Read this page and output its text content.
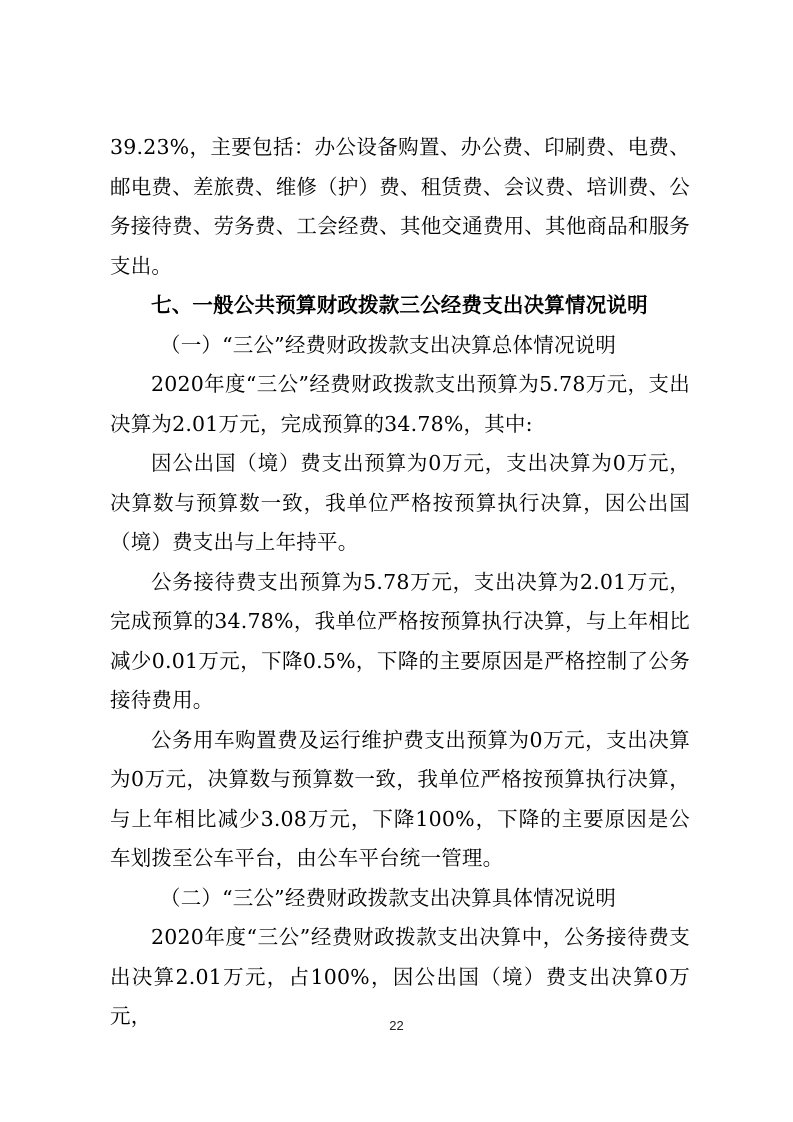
39.23%，主要包括：办公设备购置、办公费、印刷费、电费、邮电费、差旅费、维修（护）费、租赁费、会议费、培训费、公务接待费、劳务费、工会经费、其他交通费用、其他商品和服务支出。

七、一般公共预算财政拨款三公经费支出决算情况说明

（一）“三公”经费财政拨款支出决算总体情况说明

2020年度“三公”经费财政拨款支出预算为5.78万元，支出决算为2.01万元，完成预算的34.78%，其中:

因公出国（境）费支出预算为0万元，支出决算为0万元，决算数与预算数一致，我单位严格按预算执行决算，因公出国（境）费支出与上年持平。

公务接待费支出预算为5.78万元，支出决算为2.01万元，完成预算的34.78%，我单位严格按预算执行决算，与上年相比减少0.01万元，下降0.5%，下降的主要原因是严格控制了公务接待费用。

公务用车购置费及运行维护费支出预算为0万元，支出决算为0万元，决算数与预算数一致，我单位严格按预算执行决算，与上年相比减少3.08万元，下降100%，下降的主要原因是公车划拨至公车平台，由公车平台统一管理。

（二）“三公”经费财政拨款支出决算具体情况说明

2020年度“三公”经费财政拨款支出决算中，公务接待费支出决算2.01万元，占100%，因公出国（境）费支出决算0万元，	22
